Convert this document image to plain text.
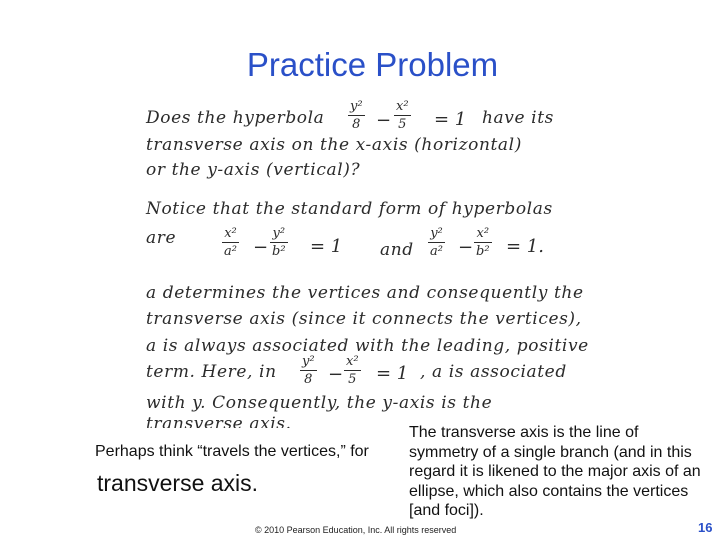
Practice Problem
Does the hyperbola
y²
8 −
x²
5 = 1 have its
transverse axis on the x-axis (horizontal)
or the y-axis (vertical)?
Notice that the standard form of hyperbolas
are	x²
a² −
y²
b² = 1 and
y²
a² −
x²
b² = 1.
a determines the vertices and consequently the
transverse axis (since it connects the vertices),
a is always associated with the leading, positive
term. Here, in
y²
8 −
x²
5 = 1 , a is associated
with y. Consequently, the y-axis is the
transverse axis.
Perhaps think “travels the vertices,” for
transverse axis.
The transverse axis is the line of symmetry of a single branch (and in this regard it is likened to the major axis of an ellipse, which also contains the vertices [and foci]).
© 2010 Pearson Education, Inc. All rights reserved	16
